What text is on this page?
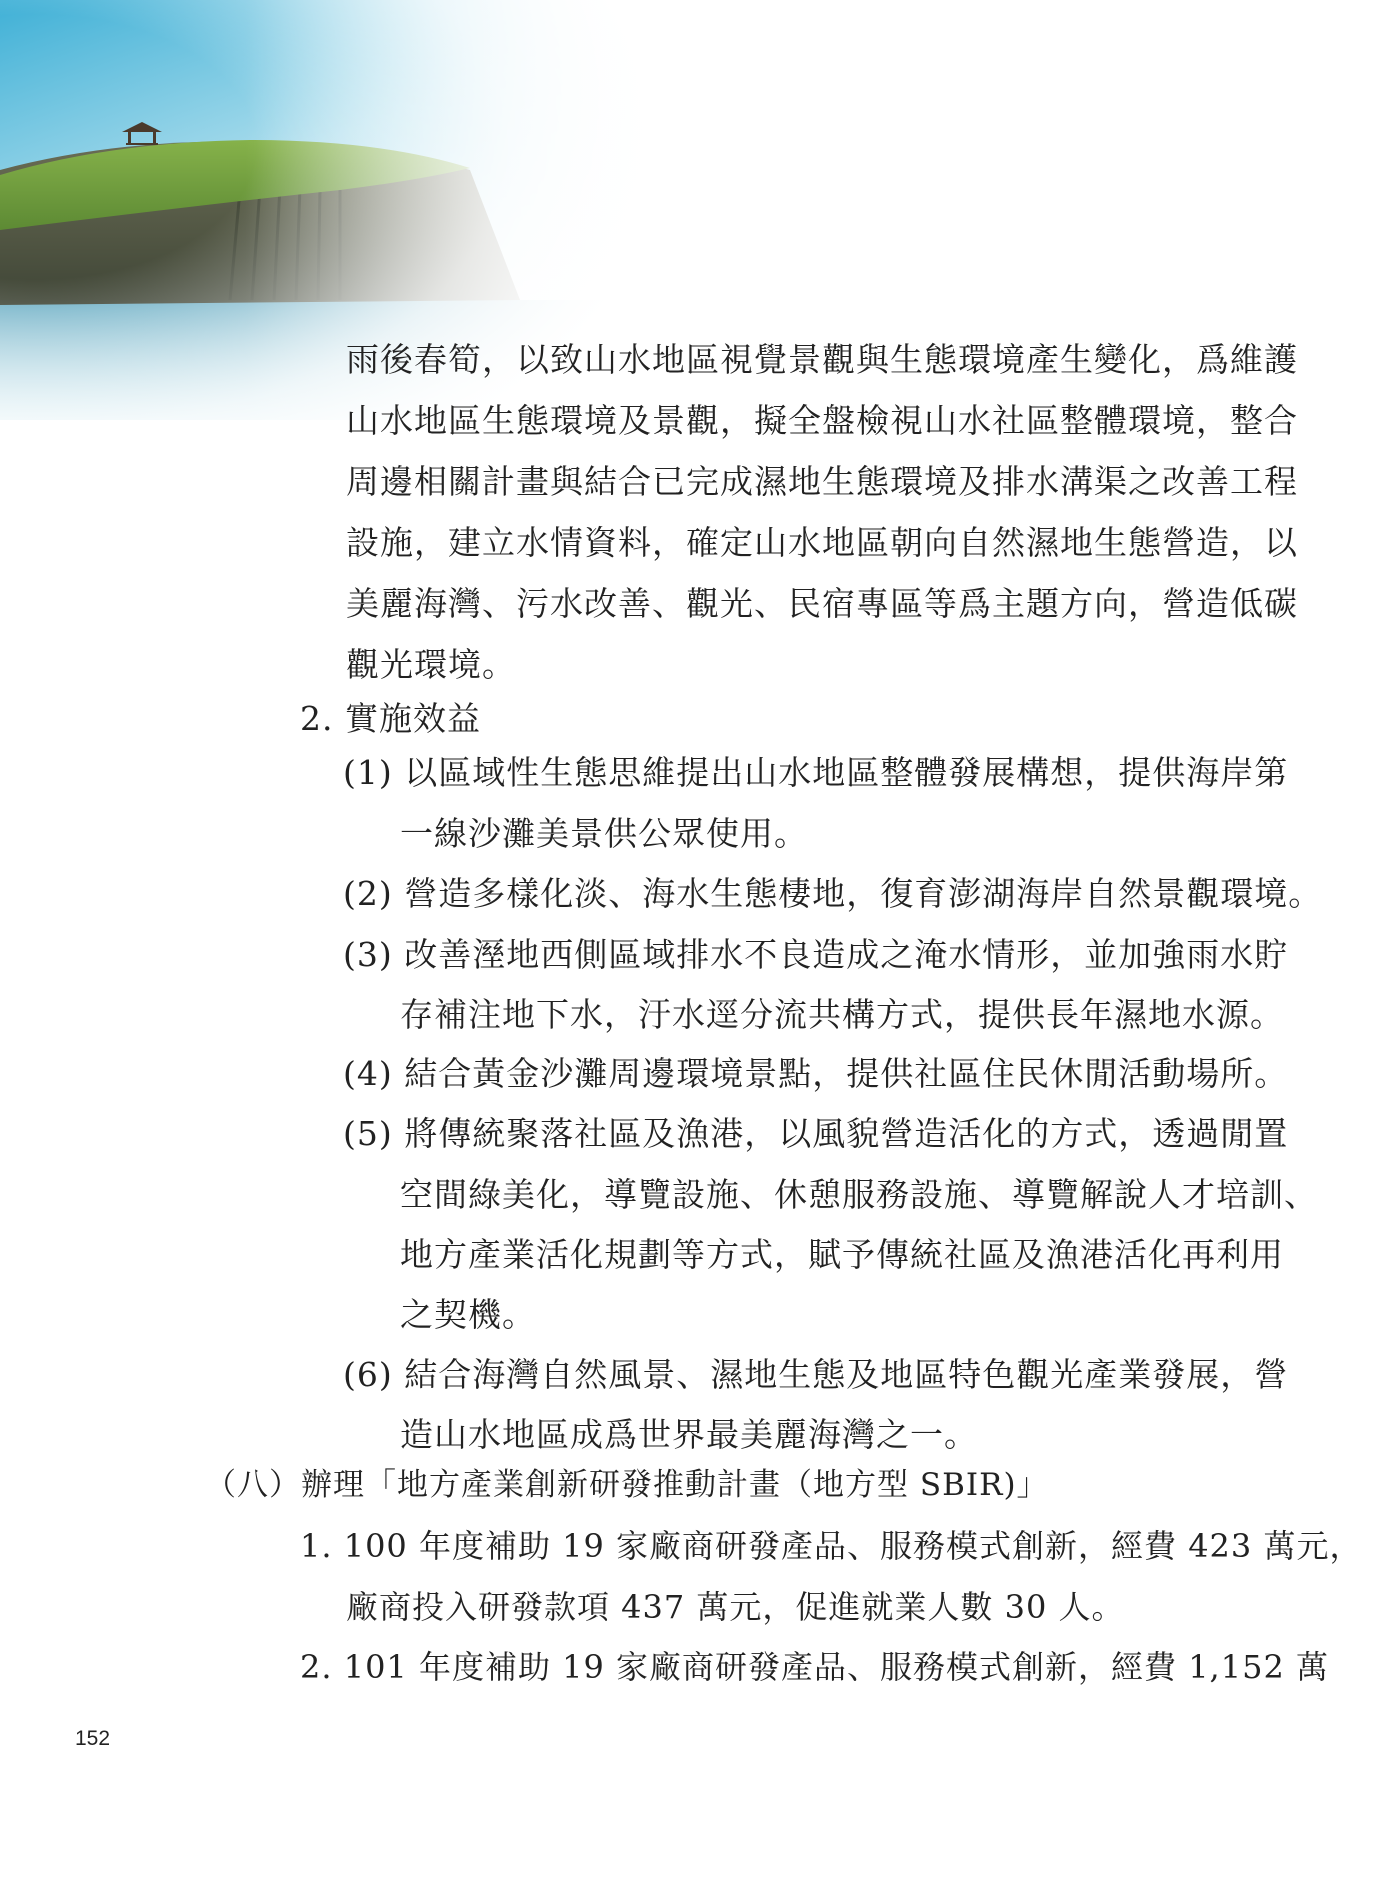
雨後春筍，以致山水地區視覺景觀與生態環境產生變化，爲維護
山水地區生態環境及景觀，擬全盤檢視山水社區整體環境，整合
周邊相關計畫與結合已完成濕地生態環境及排水溝渠之改善工程
設施，建立水情資料，確定山水地區朝向自然濕地生態營造，以
美麗海灣、污水改善、觀光、民宿專區等爲主題方向，營造低碳
觀光環境。
2. 實施效益
(1) 以區域性生態思維提出山水地區整體發展構想，提供海岸第
一線沙灘美景供公眾使用。
(2) 營造多樣化淡、海水生態棲地，復育澎湖海岸自然景觀環境。
(3) 改善溼地西側區域排水不良造成之淹水情形，並加強雨水貯
存補注地下水，汙水逕分流共構方式，提供長年濕地水源。
(4) 結合黃金沙灘周邊環境景點，提供社區住民休閒活動場所。
(5) 將傳統聚落社區及漁港，以風貌營造活化的方式，透過閒置
空間綠美化，導覽設施、休憩服務設施、導覽解說人才培訓、
地方產業活化規劃等方式，賦予傳統社區及漁港活化再利用
之契機。
(6) 結合海灣自然風景、濕地生態及地區特色觀光產業發展，營
造山水地區成爲世界最美麗海灣之一。
（八）辦理「地方產業創新研發推動計畫（地方型 SBIR)」
1. 100 年度補助 19 家廠商研發產品、服務模式創新，經費 423 萬元，
廠商投入研發款項 437 萬元，促進就業人數 30 人。
2. 101 年度補助 19 家廠商研發產品、服務模式創新，經費 1,152 萬
152
